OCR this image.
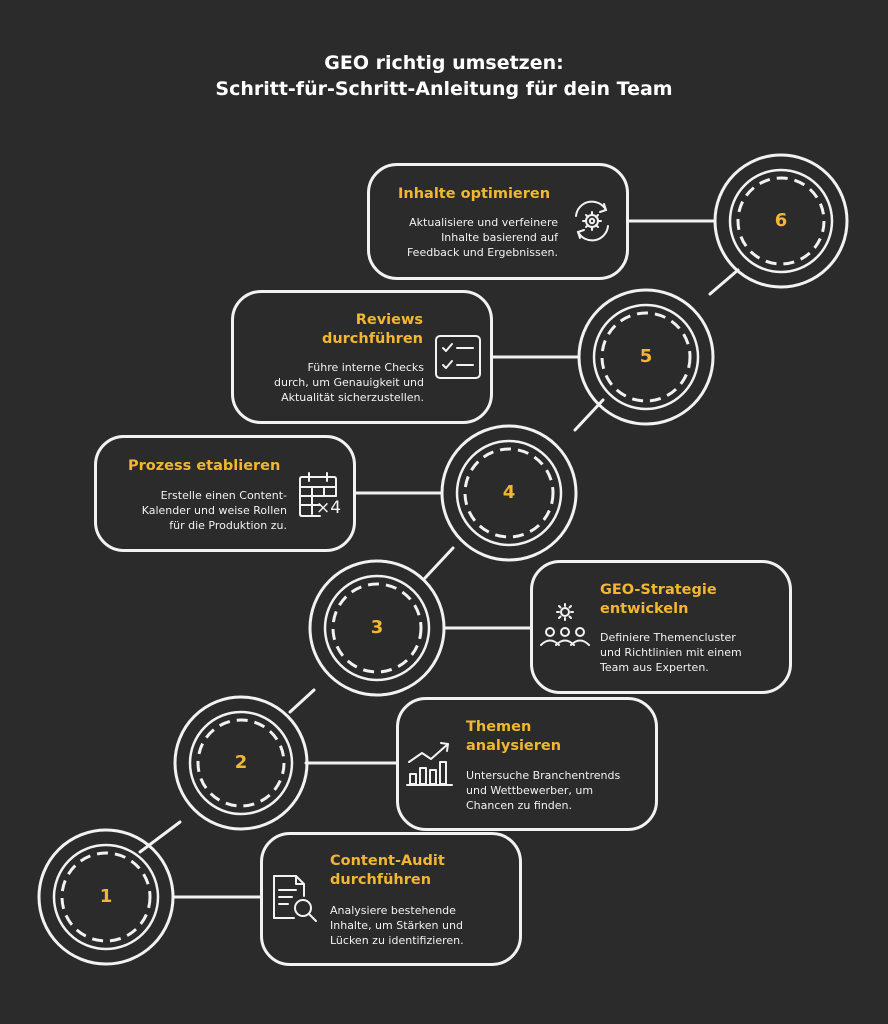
GEO richtig umsetzen:
Schritt-für-Schritt-Anleitung für dein Team
Inhalte optimieren
Aktualisiere und verfeinere
Inhalte basierend auf
Feedback und Ergebnissen.
Reviews
durchführen
Führe interne Checks
durch, um Genauigkeit und
Aktualität sicherzustellen.
Prozess etablieren
Erstelle einen Content-
Kalender und weise Rollen
für die Produktion zu.
×4
GEO-Strategie
entwickeln
Definiere Themencluster
und Richtlinien mit einem
Team aus Experten.
Themen
analysieren
Untersuche Branchentrends
und Wettbewerber, um
Chancen zu finden.
Content-Audit
durchführen
Analysiere bestehende
Inhalte, um Stärken und
Lücken zu identifizieren.
1
2
3
4
5
6
